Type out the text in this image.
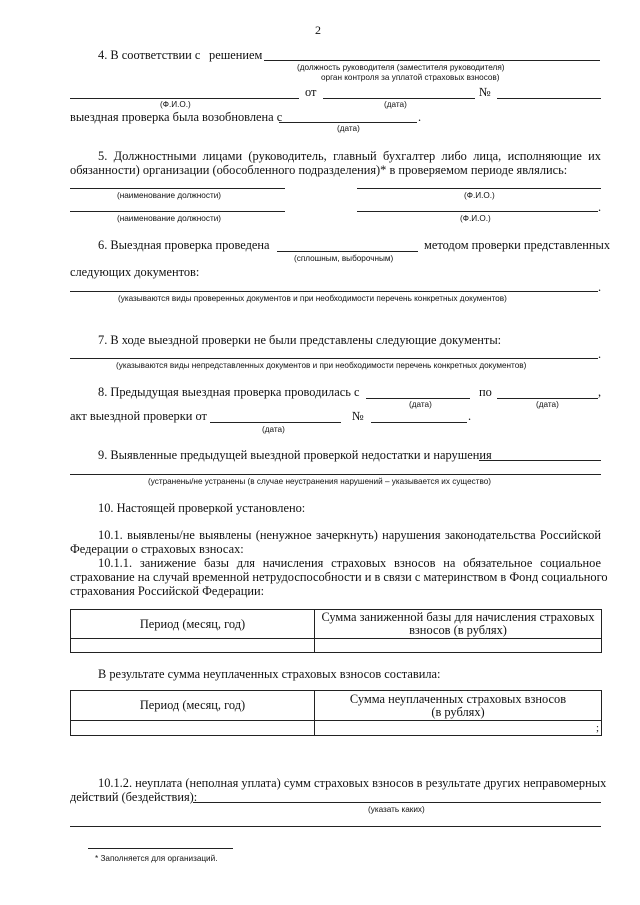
2
4. В соответствии с решением
(должность руководителя (заместителя руководителя)
орган контроля за уплатой страховых взносов)
от	№
(Ф.И.О.)	(дата)
выездная проверка была возобновлена с	.
(дата)
5. Должностными лицами (руководитель, главный бухгалтер либо лица, исполняющие их
обязанности) организации (обособленного подразделения)* в проверяемом периоде являлись:
(наименование должности)	(Ф.И.О.)
.
(наименование должности)	(Ф.И.О.)
6. Выездная проверка проведена	методом проверки представленных
(сплошным, выборочным)
следующих документов:
.
(указываются виды проверенных документов и при необходимости перечень конкретных документов)
7. В ходе выездной проверки не были представлены следующие документы:
.
(указываются виды непредставленных документов и при необходимости перечень конкретных документов)
8. Предыдущая выездная проверка проводилась с	по	,
(дата)	(дата)
акт выездной проверки от	№	.
(дата)
9. Выявленные предыдущей выездной проверкой недостатки и нарушения
(устранены/не устранены (в случае неустранения нарушений – указывается их существо)
10. Настоящей проверкой установлено:
10.1. выявлены/не выявлены (ненужное зачеркнуть) нарушения законодательства Российской
Федерации о страховых взносах:
10.1.1. занижение базы для начисления страховых взносов на обязательное социальное
страхование на случай временной нетрудоспособности и в связи с материнством в Фонд социального
страхования Российской Федерации:
Период (месяц, год)	Сумма заниженной базы для начисления страховых
взносов (в рублях)

В результате сумма неуплаченных страховых взносов составила:
Период (месяц, год)	Сумма неуплаченных страховых взносов
(в рублях)

	;
10.1.2. неуплата (неполная уплата) сумм страховых взносов в результате других неправомерных
действий (бездействия):
(указать каких)
* Заполняется для организаций.
